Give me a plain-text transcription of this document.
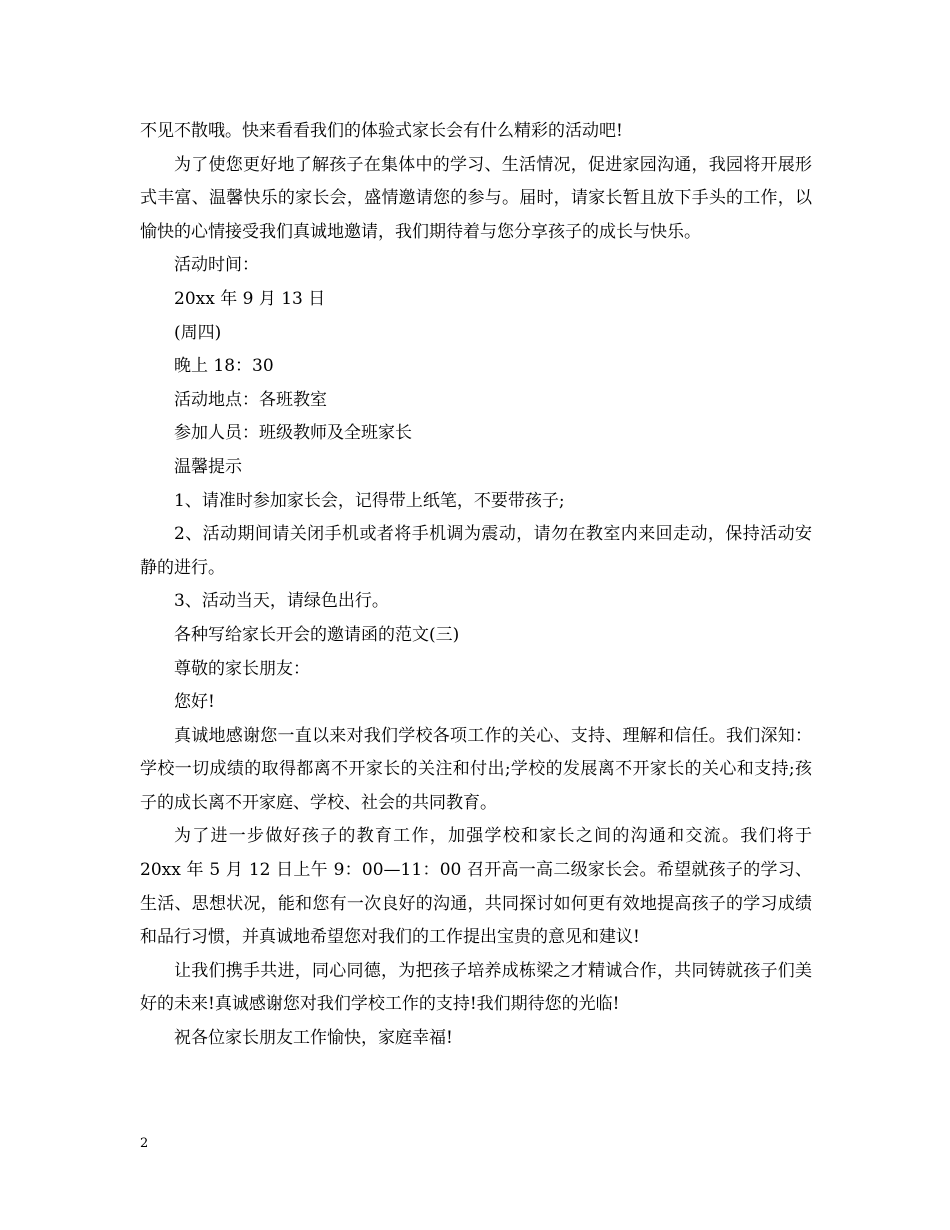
不见不散哦。快来看看我们的体验式家长会有什么精彩的活动吧!

为了使您更好地了解孩子在集体中的学习、生活情况，促进家园沟通，我园将开展形式丰富、温馨快乐的家长会，盛情邀请您的参与。届时，请家长暂且放下手头的工作，以愉快的心情接受我们真诚地邀请，我们期待着与您分享孩子的成长与快乐。

活动时间：

20xx 年 9 月 13 日

(周四)

晚上 18：30

活动地点：各班教室

参加人员：班级教师及全班家长

温馨提示

1、请准时参加家长会，记得带上纸笔，不要带孩子;

2、活动期间请关闭手机或者将手机调为震动，请勿在教室内来回走动，保持活动安静的进行。

3、活动当天，请绿色出行。

各种写给家长开会的邀请函的范文(三)

尊敬的家长朋友：

您好!

真诚地感谢您一直以来对我们学校各项工作的关心、支持、理解和信任。我们深知：学校一切成绩的取得都离不开家长的关注和付出;学校的发展离不开家长的关心和支持;孩子的成长离不开家庭、学校、社会的共同教育。

为了进一步做好孩子的教育工作，加强学校和家长之间的沟通和交流。我们将于 20xx 年 5 月 12 日上午 9：00—11：00 召开高一高二级家长会。希望就孩子的学习、生活、思想状况，能和您有一次良好的沟通，共同探讨如何更有效地提高孩子的学习成绩和品行习惯，并真诚地希望您对我们的工作提出宝贵的意见和建议!

让我们携手共进，同心同德，为把孩子培养成栋梁之才精诚合作，共同铸就孩子们美好的未来!真诚感谢您对我们学校工作的支持!我们期待您的光临!

祝各位家长朋友工作愉快，家庭幸福!

2
